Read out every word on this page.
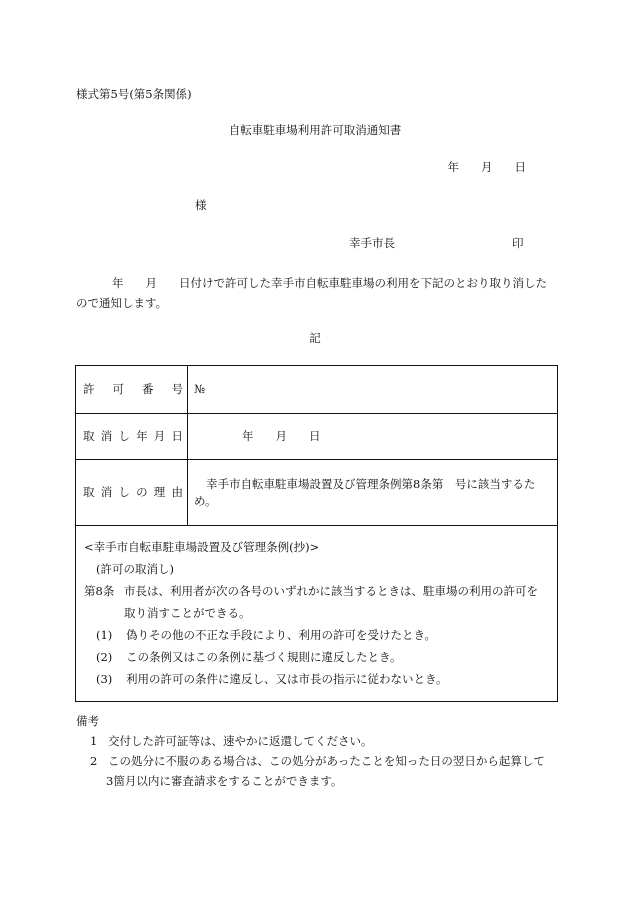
様式第5号(第5条関係)
自転車駐車場利用許可取消通知書
年 月 日
様
幸手市長	印
年 月 日付けで許可した幸手市自転車駐車場の利用を下記のとおり取り消したので通知します。
記
許可番号 №
取消し年月日	年 月 日
取消しの理由
幸手市自転車駐車場設置及び管理条例第8条第　号に該当するため。
<幸手市自転車駐車場設置及び管理条例(抄)>
(許可の取消し)
第8条 市長は、利用者が次の各号のいずれかに該当するときは、駐車場の利用の許可を
取り消すことができる。
(1) 偽りその他の不正な手段により、利用の許可を受けたとき。
(2) この条例又はこの条例に基づく規則に違反したとき。
(3) 利用の許可の条件に違反し、又は市長の指示に従わないとき。
備考
1 交付した許可証等は、速やかに返還してください。
2 この処分に不服のある場合は、この処分があったことを知った日の翌日から起算して
3箇月以内に審査請求をすることができます。
